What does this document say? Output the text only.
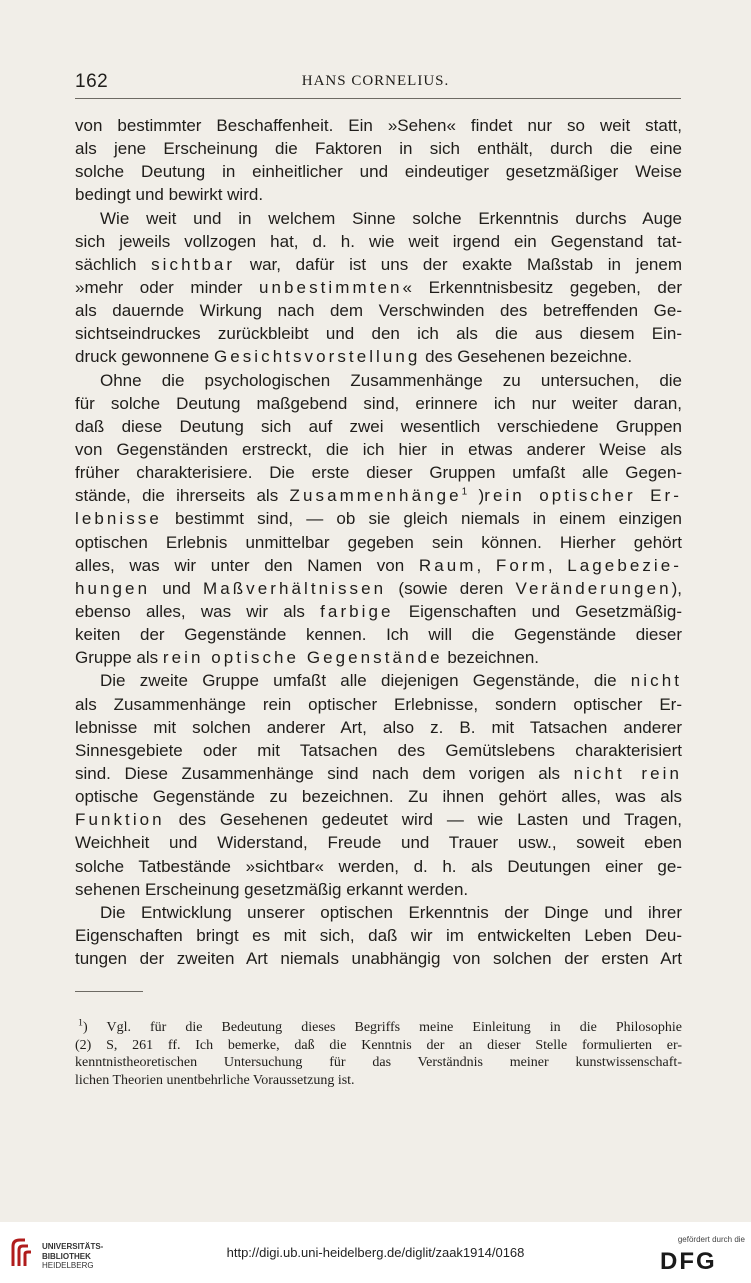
162	HANS CORNELIUS.
von bestimmter Beschaffenheit. Ein »Sehen« findet nur so weit statt,
als jene Erscheinung die Faktoren in sich enthält, durch die eine
solche Deutung in einheitlicher und eindeutiger gesetzmäßiger Weise
bedingt und bewirkt wird.
Wie weit und in welchem Sinne solche Erkenntnis durchs Auge
sich jeweils vollzogen hat, d. h. wie weit irgend ein Gegenstand tat-
sächlich sichtbar war, dafür ist uns der exakte Maßstab in jenem
»mehr oder minder unbestimmten« Erkenntnisbesitz gegeben, der
als dauernde Wirkung nach dem Verschwinden des betreffenden Ge-
sichtseindruckes zurückbleibt und den ich als die aus diesem Ein-
druck gewonnene Gesichtsvorstellung des Gesehenen bezeichne.
Ohne die psychologischen Zusammenhänge zu untersuchen, die
für solche Deutung maßgebend sind, erinnere ich nur weiter daran,
daß diese Deutung sich auf zwei wesentlich verschiedene Gruppen
von Gegenständen erstreckt, die ich hier in etwas anderer Weise als
früher charakterisiere. Die erste dieser Gruppen umfaßt alle Gegen-
stände, die ihrerseits als Zusammenhänge$^1$ )rein optischer Er-
lebnisse bestimmt sind, — ob sie gleich niemals in einem einzigen
optischen Erlebnis unmittelbar gegeben sein können. Hierher gehört
alles, was wir unter den Namen von Raum, Form, Lagebezie-
hungen und Maßverhältnissen (sowie deren Veränderungen),
ebenso alles, was wir als farbige Eigenschaften und Gesetzmäßig-
keiten der Gegenstände kennen. Ich will die Gegenstände dieser
Gruppe als rein optische Gegenstände bezeichnen.
Die zweite Gruppe umfaßt alle diejenigen Gegenstände, die nicht
als Zusammenhänge rein optischer Erlebnisse, sondern optischer Er-
lebnisse mit solchen anderer Art, also z. B. mit Tatsachen anderer
Sinnesgebiete oder mit Tatsachen des Gemütslebens charakterisiert
sind. Diese Zusammenhänge sind nach dem vorigen als nicht rein
optische Gegenstände zu bezeichnen. Zu ihnen gehört alles, was als
Funktion des Gesehenen gedeutet wird — wie Lasten und Tragen,
Weichheit und Widerstand, Freude und Trauer usw., soweit eben
solche Tatbestände »sichtbar« werden, d. h. als Deutungen einer ge-
sehenen Erscheinung gesetzmäßig erkannt werden.
Die Entwicklung unserer optischen Erkenntnis der Dinge und ihrer
Eigenschaften bringt es mit sich, daß wir im entwickelten Leben Deu-
tungen der zweiten Art niemals unabhängig von solchen der ersten Art
$^1$) Vgl. für die Bedeutung dieses Begriffs meine Einleitung in die Philosophie
(2) S, 261 ff. Ich bemerke, daß die Kenntnis der an dieser Stelle formulierten er-
kenntnistheoretischen Untersuchung für das Verständnis meiner kunstwissenschaft-
lichen Theorien unentbehrliche Voraussetzung ist.
UNIVERSITÄTS-
BIBLIOTHEK
HEIDELBERG
http://digi.ub.uni-heidelberg.de/diglit/zaak1914/0168
gefördert durch die
DFG
